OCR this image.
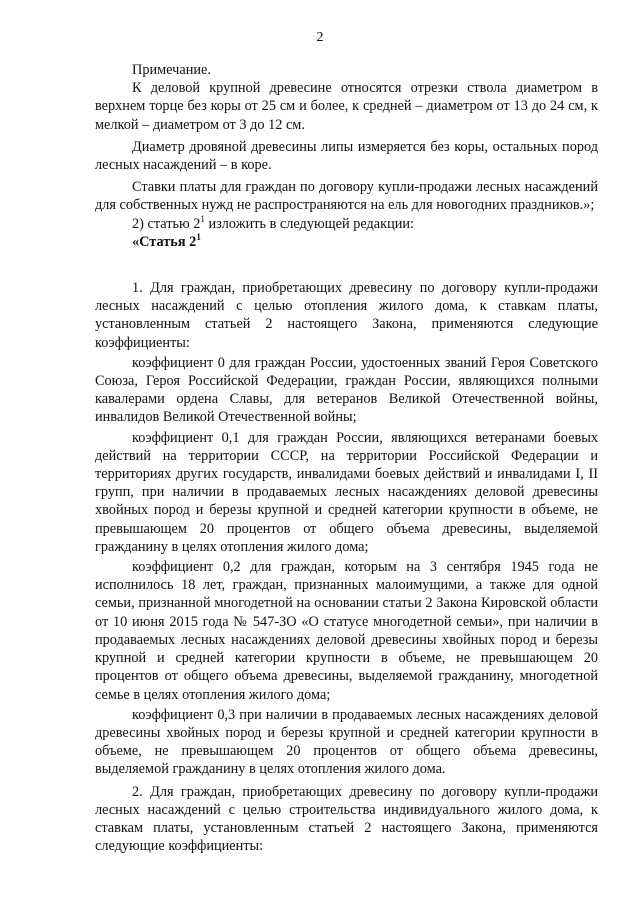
2

Примечание.

К деловой крупной древесине относятся отрезки ствола диаметром в верхнем торце без коры от 25 см и более, к средней – диаметром от 13 до 24 см, к мелкой – диаметром от 3 до 12 см.

Диаметр дровяной древесины липы измеряется без коры, остальных пород лесных насаждений – в коре.

Ставки платы для граждан по договору купли-продажи лесных насаждений для собственных нужд не распространяются на ель для новогодних праздников.»;

2) статью $2^1$ изложить в следующей редакции:

«Статья $2^1$

1. Для граждан, приобретающих древесину по договору купли-продажи лесных насаждений с целью отопления жилого дома, к ставкам платы, установленным статьей 2 настоящего Закона, применяются следующие коэффициенты:

коэффициент 0 для граждан России, удостоенных званий Героя Советского Союза, Героя Российской Федерации, граждан России, являющихся полными кавалерами ордена Славы, для ветеранов Великой Отечественной войны, инвалидов Великой Отечественной войны;

коэффициент 0,1 для граждан России, являющихся ветеранами боевых действий на территории СССР, на территории Российской Федерации и территориях других государств, инвалидами боевых действий и инвалидами I, II групп, при наличии в продаваемых лесных насаждениях деловой древесины хвойных пород и березы крупной и средней категории крупности в объеме, не превышающем 20 процентов от общего объема древесины, выделяемой гражданину в целях отопления жилого дома;

коэффициент 0,2 для граждан, которым на 3 сентября 1945 года не исполнилось 18 лет, граждан, признанных малоимущими, а также для одной семьи, признанной многодетной на основании статьи 2 Закона Кировской области от 10 июня 2015 года № 547-ЗО «О статусе многодетной семьи», при наличии в продаваемых лесных насаждениях деловой древесины хвойных пород и березы крупной и средней категории крупности в объеме, не превышающем 20 процентов от общего объема древесины, выделяемой гражданину, многодетной семье в целях отопления жилого дома;

коэффициент 0,3 при наличии в продаваемых лесных насаждениях деловой древесины хвойных пород и березы крупной и средней категории крупности в объеме, не превышающем 20 процентов от общего объема древесины, выделяемой гражданину в целях отопления жилого дома.

2. Для граждан, приобретающих древесину по договору купли-продажи лесных насаждений с целью строительства индивидуального жилого дома, к ставкам платы, установленным статьей 2 настоящего Закона, применяются следующие коэффициенты:
